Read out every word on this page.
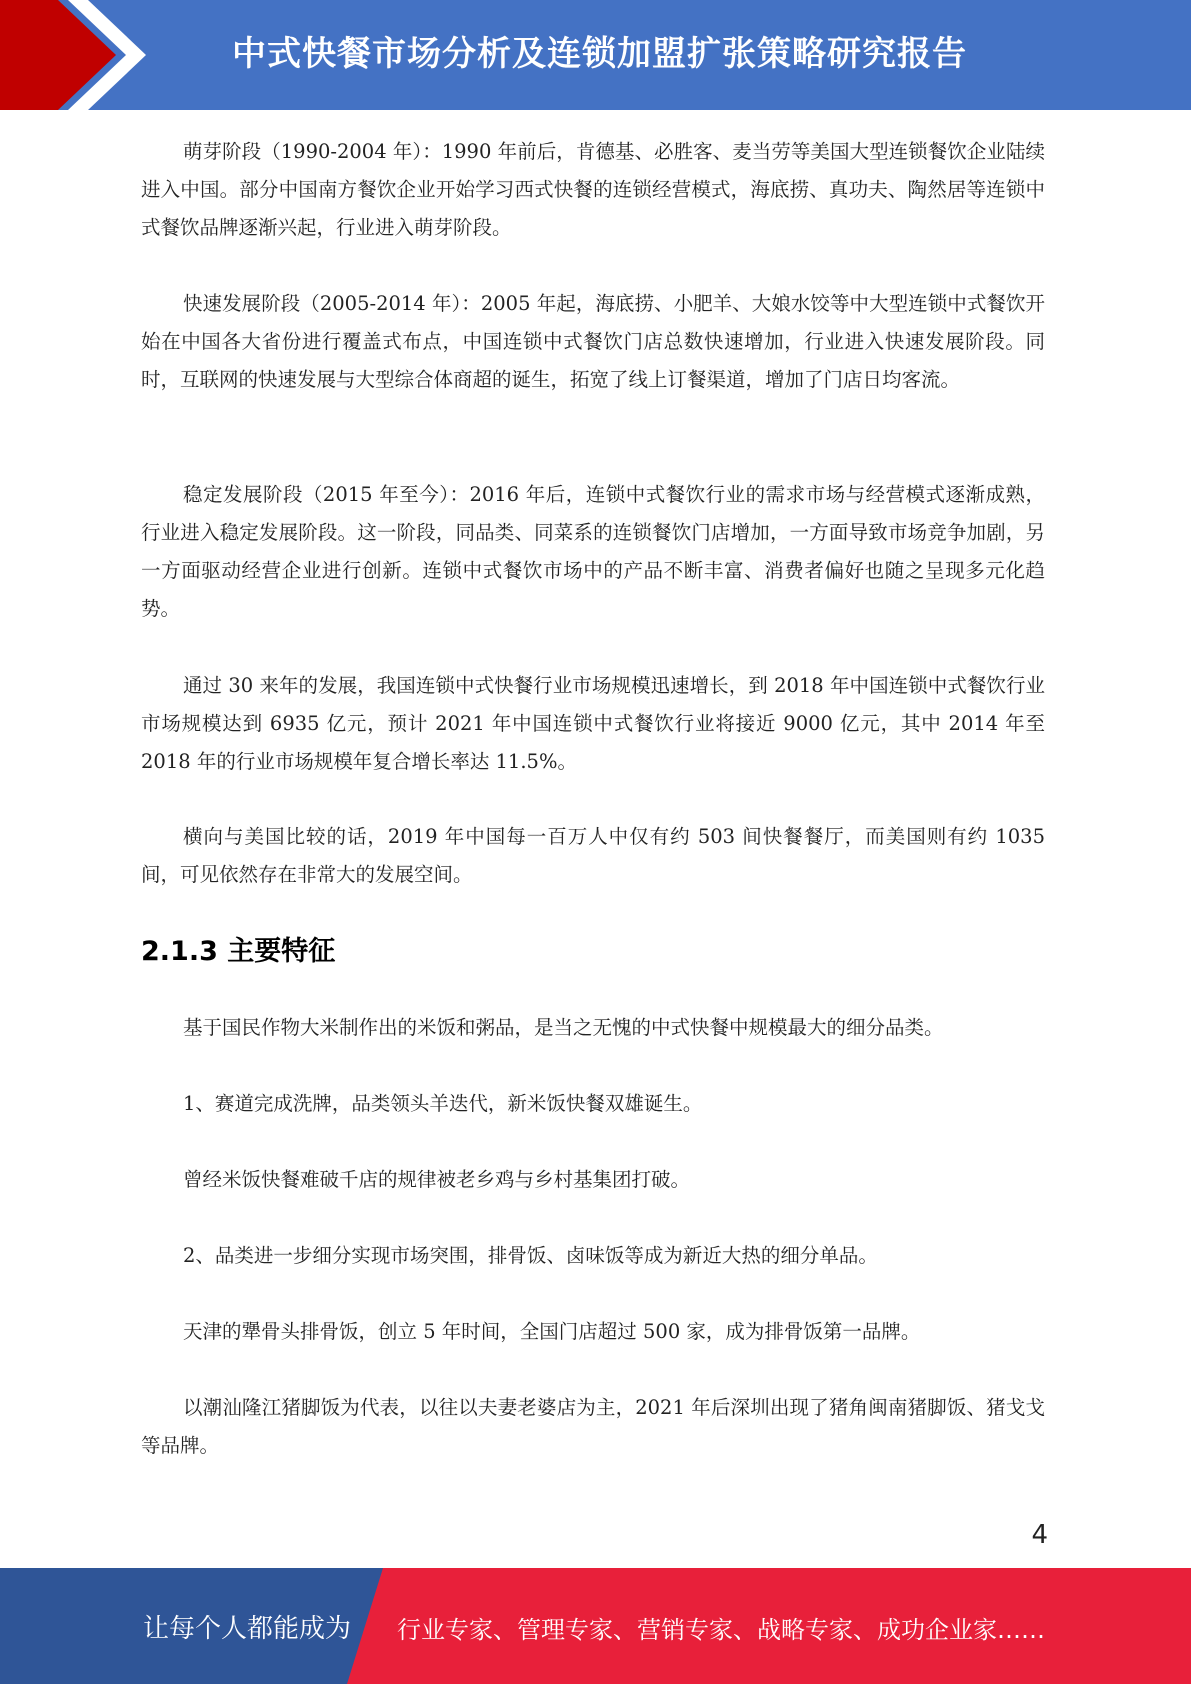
中式快餐市场分析及连锁加盟扩张策略研究报告

萌芽阶段（1990-2004 年）：1990 年前后，肯德基、必胜客、麦当劳等美国大型连锁餐饮企业陆续进入中国。部分中国南方餐饮企业开始学习西式快餐的连锁经营模式，海底捞、真功夫、陶然居等连锁中式餐饮品牌逐渐兴起，行业进入萌芽阶段。

快速发展阶段（2005-2014 年）：2005 年起，海底捞、小肥羊、大娘水饺等中大型连锁中式餐饮开始在中国各大省份进行覆盖式布点，中国连锁中式餐饮门店总数快速增加，行业进入快速发展阶段。同时，互联网的快速发展与大型综合体商超的诞生，拓宽了线上订餐渠道，增加了门店日均客流。

稳定发展阶段（2015 年至今）：2016 年后，连锁中式餐饮行业的需求市场与经营模式逐渐成熟，行业进入稳定发展阶段。这一阶段，同品类、同菜系的连锁餐饮门店增加，一方面导致市场竞争加剧，另一方面驱动经营企业进行创新。连锁中式餐饮市场中的产品不断丰富、消费者偏好也随之呈现多元化趋势。

通过 30 来年的发展，我国连锁中式快餐行业市场规模迅速增长，到 2018 年中国连锁中式餐饮行业市场规模达到 6935 亿元，预计 2021 年中国连锁中式餐饮行业将接近 9000 亿元，其中 2014 年至 2018 年的行业市场规模年复合增长率达 11.5%。

横向与美国比较的话，2019 年中国每一百万人中仅有约 503 间快餐餐厅，而美国则有约 1035 间，可见依然存在非常大的发展空间。

2.1.3 主要特征

基于国民作物大米制作出的米饭和粥品，是当之无愧的中式快餐中规模最大的细分品类。

1、赛道完成洗牌，品类领头羊迭代，新米饭快餐双雄诞生。

曾经米饭快餐难破千店的规律被老乡鸡与乡村基集团打破。

2、品类进一步细分实现市场突围，排骨饭、卤味饭等成为新近大热的细分单品。

天津的犟骨头排骨饭，创立 5 年时间，全国门店超过 500 家，成为排骨饭第一品牌。

以潮汕隆江猪脚饭为代表，以往以夫妻老婆店为主，2021 年后深圳出现了猪角闽南猪脚饭、猪戈戈等品牌。

4
让每个人都能成为 行业专家、管理专家、营销专家、战略专家、成功企业家……
